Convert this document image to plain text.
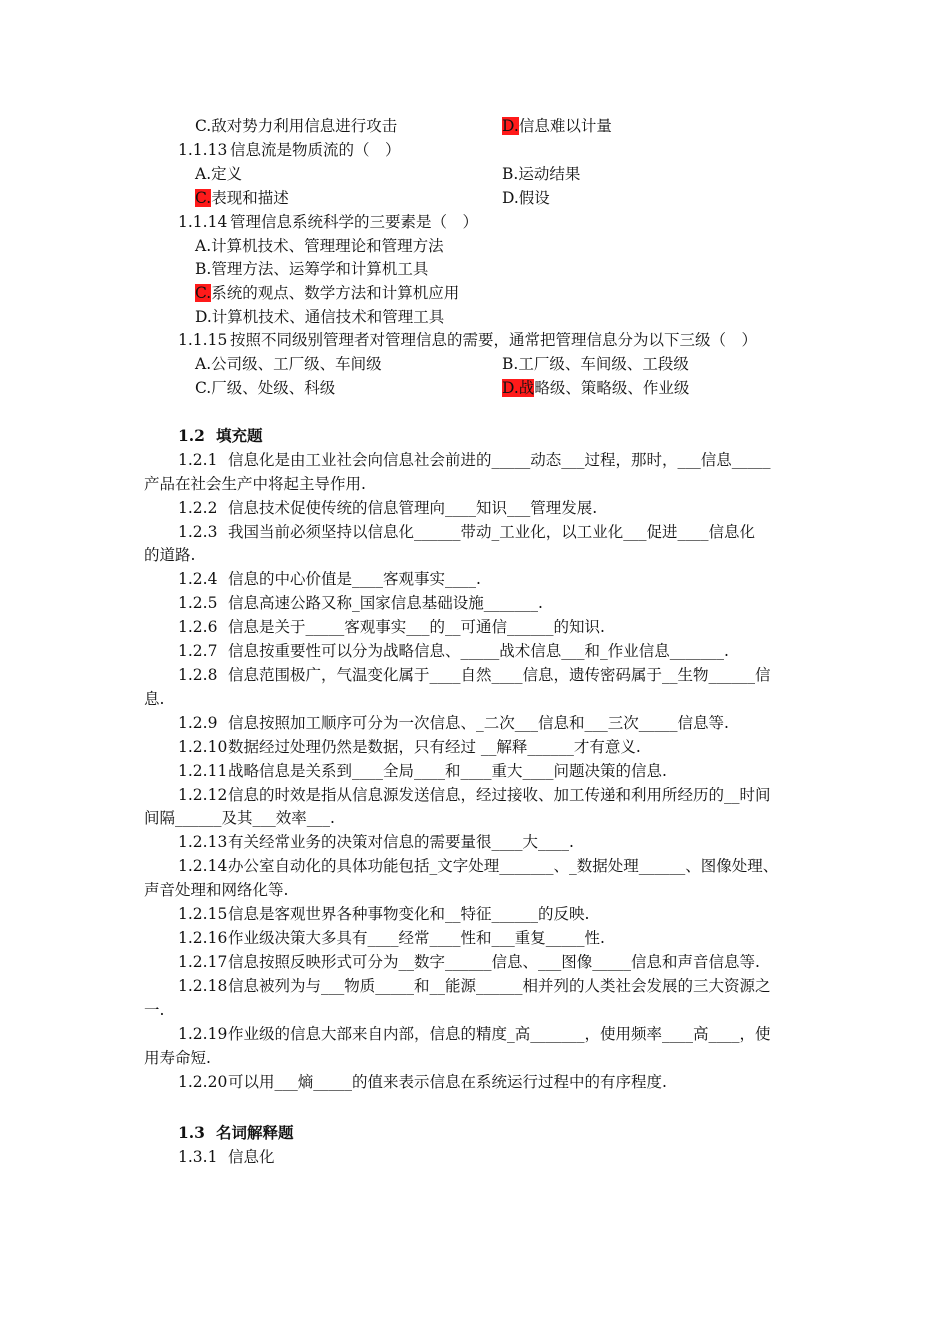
C.敌对势力利用信息进行攻击	D.信息难以计量
1.1.13 信息流是物质流的（　）
A.定义	B.运动结果
C.表现和描述	D.假设
1.1.14 管理信息系统科学的三要素是（　）
A.计算机技术、管理理论和管理方法
B.管理方法、运筹学和计算机工具
C.系统的观点、数学方法和计算机应用
D.计算机技术、通信技术和管理工具
1.1.15 按照不同级别管理者对管理信息的需要，通常把管理信息分为以下三级（　）
A.公司级、工厂级、车间级	B.工厂级、车间级、工段级
C.厂级、处级、科级	D.战略级、策略级、作业级
1.2 填充题
1.2.1 信息化是由工业社会向信息社会前进的_____动态___过程，那时，___信息_____
产品在社会生产中将起主导作用.
1.2.2 信息技术促使传统的信息管理向____知识___管理发展.
1.2.3 我国当前必须坚持以信息化______带动_工业化，以工业化___促进____信息化
的道路.
1.2.4 信息的中心价值是____客观事实____.
1.2.5 信息高速公路又称_国家信息基础设施_______.
1.2.6 信息是关于_____客观事实___的__可通信______的知识.
1.2.7 信息按重要性可以分为战略信息、_____战术信息___和_作业信息_______.
1.2.8 信息范围极广，气温变化属于____自然____信息，遗传密码属于__生物______信
息.
1.2.9 信息按照加工顺序可分为一次信息、_二次___信息和___三次_____信息等.
1.2.10数据经过处理仍然是数据，只有经过 __解释______才有意义.
1.2.11战略信息是关系到____全局____和____重大____问题决策的信息.
1.2.12信息的时效是指从信息源发送信息，经过接收、加工传递和利用所经历的__时间
间隔______及其___效率___.
1.2.13有关经常业务的决策对信息的需要量很____大____.
1.2.14办公室自动化的具体功能包括_文字处理_______、_数据处理______、图像处理、
声音处理和网络化等.
1.2.15信息是客观世界各种事物变化和__特征______的反映.
1.2.16作业级决策大多具有____经常____性和___重复_____性.
1.2.17信息按照反映形式可分为__数字______信息、___图像_____信息和声音信息等.
1.2.18信息被列为与___物质_____和__能源______相并列的人类社会发展的三大资源之
一.
1.2.19作业级的信息大部来自内部，信息的精度_高_______，使用频率____高____，使
用寿命短.
1.2.20可以用___熵_____的值来表示信息在系统运行过程中的有序程度.
1.3 名词解释题
1.3.1 信息化
